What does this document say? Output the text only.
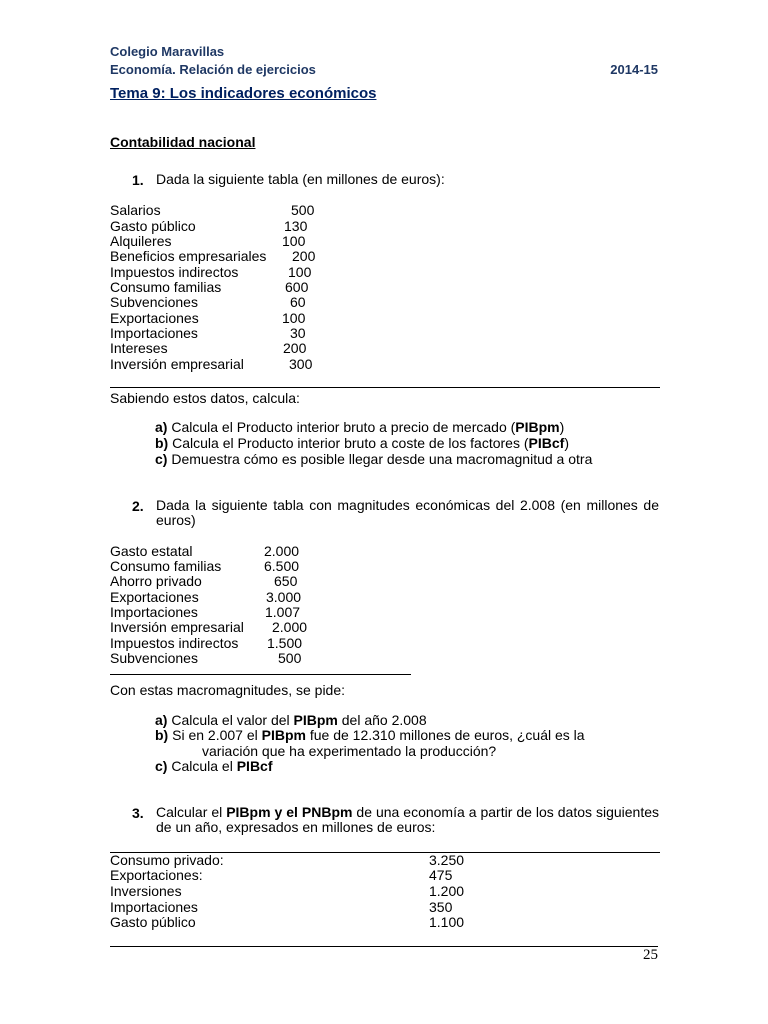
Colegio Maravillas
Economía. Relación de ejercicios	2014-15
Tema 9: Los indicadores económicos
Contabilidad nacional
1. Dada la siguiente tabla (en millones de euros):
Salarios	500
Gasto público	130
Alquileres	100
Beneficios empresariales 200
Impuestos indirectos	100
Consumo familias	600
Subvenciones	60
Exportaciones	100
Importaciones	30
Intereses	200
Inversión empresarial	300
Sabiendo estos datos, calcula:
a) Calcula el Producto interior bruto a precio de mercado (PIBpm)
b) Calcula el Producto interior bruto a coste de los factores (PIBcf)
c) Demuestra cómo es posible llegar desde una macromagnitud a otra
2. Dada la siguiente tabla con magnitudes económicas del 2.008 (en millones de euros)
Gasto estatal	2.000
Consumo familias	6.500
Ahorro privado	650
Exportaciones	3.000
Importaciones	1.007
Inversión empresarial 2.000
Impuestos indirectos 1.500
Subvenciones	500
Con estas macromagnitudes, se pide:
a) Calcula el valor del PIBpm del año 2.008
b) Si en 2.007 el PIBpm fue de 12.310 millones de euros, ¿cuál es la
variación que ha experimentado la producción?
c) Calcula el PIBcf
3. Calcular el PIBpm y el PNBpm de una economía a partir de los datos siguientes de un año, expresados en millones de euros:
Consumo privado:	3.250
Exportaciones:	475
Inversiones	1.200
Importaciones	350
Gasto público	1.100
25
